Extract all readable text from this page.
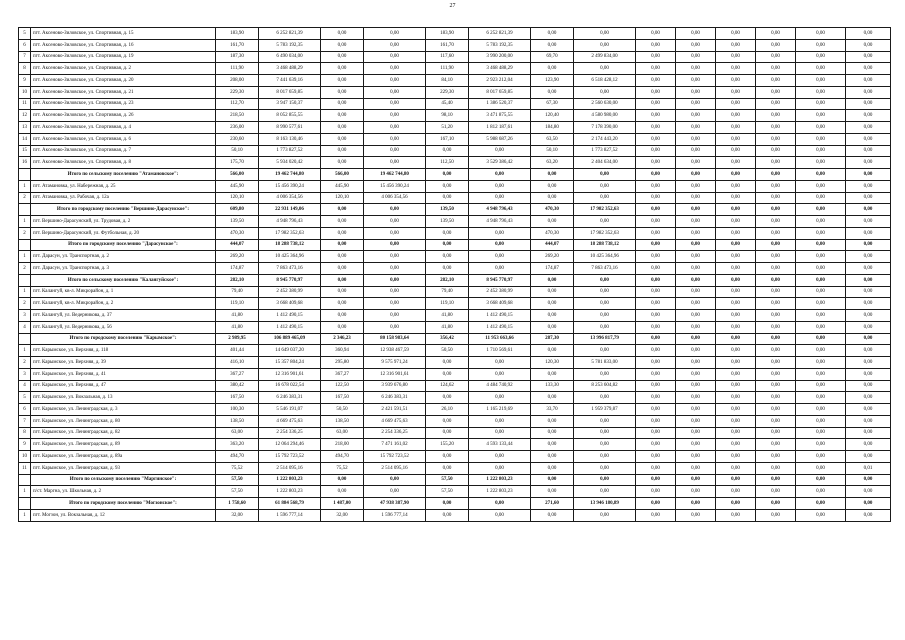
27
5	пгт. Аксеново-Зиловское, ул. Спортивная, д. 15	183,90	6 252 821,39	0,00	0,00	183,90	6 252 821,39	0,00	0,00	0,00	0,00	0,00	0,00	0,00	0,00
6	пгт. Аксеново-Зиловское, ул. Спортивная, д. 16	161,70	5 783 192,35	0,00	0,00	161,70	5 783 192,35	0,00	0,00	0,00	0,00	0,00	0,00	0,00	0,00
7	пгт. Аксеново-Зиловское, ул. Спортивная, д. 19	187,30	6 490 034,00	0,00	0,00	117,60	3 990 200,00	69,70	2 499 834,00	0,00	0,00	0,00	0,00	0,00	0,00
8	пгт. Аксеново-Зиловское, ул. Спортивная, д. 2	111,90	3 468 488,29	0,00	0,00	111,90	3 468 488,29	0,00	0,00	0,00	0,00	0,00	0,00	0,00	0,00
9	пгт. Аксеново-Зиловское, ул. Спортивная, д. 20	208,00	7 441 639,16	0,00	0,00	84,10	2 923 212,04	123,90	6 518 428,12	0,00	0,00	0,00	0,00	0,00	0,00
10	пгт. Аксеново-Зиловское, ул. Спортивная, д. 21	229,30	8 017 659,85	0,00	0,00	229,30	8 017 659,85	0,00	0,00	0,00	0,00	0,00	0,00	0,00	0,00
11	пгт. Аксеново-Зиловское, ул. Спортивная, д. 23	112,70	3 947 150,37	0,00	0,00	45,40	1 386 520,37	67,30	2 560 630,00	0,00	0,00	0,00	0,00	0,00	0,00
12	пгт. Аксеново-Зиловское, ул. Спортивная, д. 26	218,50	8 052 855,55	0,00	0,00	98,10	3 471 875,55	120,40	4 580 980,00	0,00	0,00	0,00	0,00	0,00	0,00
13	пгт. Аксеново-Зиловское, ул. Спортивная, д. 4	236,00	8 990 577,61	0,00	0,00	51,20	1 812 187,61	184,80	7 178 390,00	0,00	0,00	0,00	0,00	0,00	0,00
14	пгт. Аксеново-Зиловское, ул. Спортивная, д. 6	230,60	8 163 130,46	0,00	0,00	167,10	5 988 687,26	63,50	2 174 443,20	0,00	0,00	0,00	0,00	0,00	0,00
15	пгт. Аксеново-Зиловское, ул. Спортивная, д. 7	50,10	1 773 827,52	0,00	0,00	0,00	0,00	50,10	1 773 827,52	0,00	0,00	0,00	0,00	0,00	0,00
16	пгт. Аксеново-Зиловское, ул. Спортивная, д. 8	175,70	5 934 020,42	0,00	0,00	112,50	3 529 386,42	63,20	2 404 634,00	0,00	0,00	0,00	0,00	0,00	0,00
	Итого по сельскому поселению "Атамановское":	566,00	19 462 744,80	566,00	19 462 744,80	0,00	0,00	0,00	0,00	0,00	0,00	0,00	0,00	0,00	0,00
1	пгт. Атамановка, ул. Набережная, д. 25	445,90	15 456 390,24	445,90	15 456 390,24	0,00	0,00	0,00	0,00	0,00	0,00	0,00	0,00	0,00	0,00
2	пгт. Атамановка, ул. Рабочая, д. 12а	120,10	4 006 354,56	120,10	4 006 354,56	0,00	0,00	0,00	0,00	0,00	0,00	0,00	0,00	0,00	0,00
	Итого по городскому поселению "Вершино-Дарасунское":	609,80	22 931 149,06	0,00	0,00	139,50	4 948 796,43	470,30	17 982 352,63	0,00	0,00	0,00	0,00	0,00	0,00
1	пгт. Вершино-Дарасунский, ул. Трудовая, д. 2	139,50	4 948 796,43	0,00	0,00	139,50	4 948 796,43	0,00	0,00	0,00	0,00	0,00	0,00	0,00	0,00
2	пгт. Вершино-Дарасунский, ул. Футбольная, д. 20	470,30	17 982 352,63	0,00	0,00	0,00	0,00	470,30	17 982 352,63	0,00	0,00	0,00	0,00	0,00	0,00
	Итого по городскому поселению "Дарасунское":	444,07	18 288 738,12	0,00	0,00	0,00	0,00	444,07	18 288 738,12	0,00	0,00	0,00	0,00	0,00	0,00
1	пгт. Дарасун, ул. Транспортная, д. 2	269,20	10 425 364,96	0,00	0,00	0,00	0,00	269,20	10 425 364,96	0,00	0,00	0,00	0,00	0,00	0,00
2	пгт. Дарасун, ул. Транспортная, д. 3	174,87	7 863 473,16	0,00	0,00	0,00	0,00	174,87	7 863 473,16	0,00	0,00	0,00	0,00	0,00	0,00
	Итого по сельскому поселению "Калангуйское":	282,10	8 945 770,97	0,00	0,00	282,10	8 945 770,97	0,00	0,00	0,00	0,00	0,00	0,00	0,00	0,00
1	пгт. Калангуй, кв-л. Микрорайон, д. 1	79,40	2 452 380,99	0,00	0,00	79,40	2 452 380,99	0,00	0,00	0,00	0,00	0,00	0,00	0,00	0,00
2	пгт. Калангуй, кв-л. Микрорайон, д. 2	119,10	3 668 409,68	0,00	0,00	119,10	3 668 409,68	0,00	0,00	0,00	0,00	0,00	0,00	0,00	0,00
3	пгт. Калангуй, ул. Ведерникова, д. 37	41,80	1 412 490,15	0,00	0,00	41,80	1 412 490,15	0,00	0,00	0,00	0,00	0,00	0,00	0,00	0,00
4	пгт. Калангуй, ул. Ведерникова, д. 56	41,80	1 412 490,15	0,00	0,00	41,80	1 412 490,15	0,00	0,00	0,00	0,00	0,00	0,00	0,00	0,00
	Итого по городскому поселению "Карымское":	2 989,95	106 889 465,09	2 346,23	80 158 983,64	356,42	11 953 663,66	287,30	13 996 817,79	0,00	0,00	0,00	0,00	0,00	0,00
1	пгт. Карымское, ул. Верхняя, д. 118	401,44	14 649 037,20	360,94	12 938 467,59	50,50	1 710 569,61	0,00	0,00	0,00	0,00	0,00	0,00	0,00	0,00
2	пгт. Карымское, ул. Верхняя, д. 39	416,10	15 357 804,24	295,80	9 575 971,24	0,00	0,00	120,30	5 781 833,00	0,00	0,00	0,00	0,00	0,00	0,00
3	пгт. Карымское, ул. Верхняя, д. 41	367,27	12 316 901,61	367,27	12 316 901,61	0,00	0,00	0,00	0,00	0,00	0,00	0,00	0,00	0,00	0,00
4	пгт. Карымское, ул. Верхняя, д. 47	380,42	16 678 022,54	122,50	3 939 676,80	124,62	4 484 740,92	133,30	8 253 604,82	0,00	0,00	0,00	0,00	0,00	0,00
5	пгт. Карымское, ул. Вокзальная, д. 13	167,50	6 246 383,31	167,50	6 246 383,31	0,00	0,00	0,00	0,00	0,00	0,00	0,00	0,00	0,00	0,00
6	пгт. Карымское, ул. Ленинградская, д. 3	100,30	5 546 191,07	50,50	2 421 591,51	26,10	1 165 219,69	33,70	1 959 379,87	0,00	0,00	0,00	0,00	0,00	0,00
7	пгт. Карымское, ул. Ленинградская, д. 80	138,50	4 669 475,63	138,50	4 669 475,63	0,00	0,00	0,00	0,00	0,00	0,00	0,00	0,00	0,00	0,00
8	пгт. Карымское, ул. Ленинградская, д. 82	63,00	2 254 336,25	63,00	2 254 336,25	0,00	0,00	0,00	0,00	0,00	0,00	0,00	0,00	0,00	0,00
9	пгт. Карымское, ул. Ленинградская, д. 89	363,20	12 064 294,46	218,00	7 471 161,02	155,20	4 593 133,44	0,00	0,00	0,00	0,00	0,00	0,00	0,00	0,00
10	пгт. Карымское, ул. Ленинградская, д. 89а	494,70	15 792 723,52	494,70	15 792 723,52	0,00	0,00	0,00	0,00	0,00	0,00	0,00	0,00	0,00	0,00
11	пгт. Карымское, ул. Ленинградская, д. 93	75,52	2 514 095,16	75,52	2 514 095,16	0,00	0,00	0,00	0,00	0,00	0,00	0,00	0,00	0,00	0,01
	Итого по сельскому поселению "Маргинское":	57,50	1 222 803,23	0,00	0,00	57,50	1 222 803,23	0,00	0,00	0,00	0,00	0,00	0,00	0,00	0,00
1	п/ст. Маргна, ул. Школьная, д. 2	57,50	1 222 803,23	0,00	0,00	57,50	1 222 803,23	0,00	0,00	0,00	0,00	0,00	0,00	0,00	0,00
	Итого по городскому поселению "Могзонское":	1 758,60	61 884 568,79	1 487,00	47 938 387,90	0,00	0,00	271,60	13 946 180,89	0,00	0,00	0,00	0,00	0,00	0,00
1	пгт. Могзон, ул. Вокзальная, д. 12	32,00	1 596 777,14	32,00	1 596 777,14	0,00	0,00	0,00	0,00	0,00	0,00	0,00	0,00	0,00	0,00
